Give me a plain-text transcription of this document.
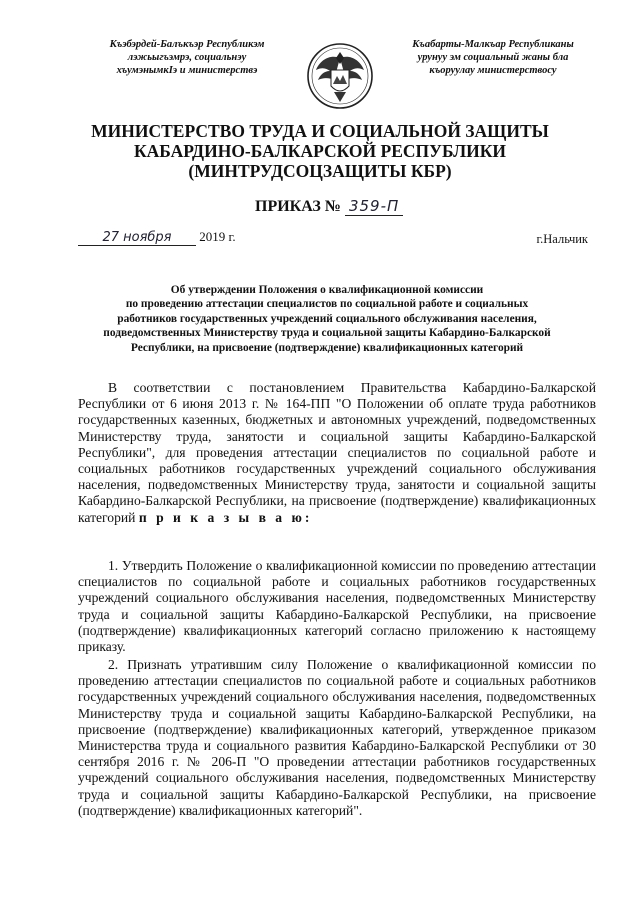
Къэбэрдей-Балъкъэр Республикэм
лэжьыгъэмрэ, социальнэу
хъумэнымкIэ и министерствэ
Къабарты-Малкъар Республиканы
урунуу эм социальный жаны бла
къоруулау министерствосу
МИНИСТЕРСТВО ТРУДА И СОЦИАЛЬНОЙ ЗАЩИТЫ
КАБАРДИНО-БАЛКАРСКОЙ РЕСПУБЛИКИ
(МИНТРУДСОЦЗАЩИТЫ КБР)
ПРИКАЗ № 359-П
27 ноября 2019 г.	г.Нальчик
Об утверждении Положения о квалификационной комиссии
по проведению аттестации специалистов по социальной работе и социальных
работников государственных учреждений социального обслуживания населения,
подведомственных Министерству труда и социальной защиты Кабардино-Балкарской
Республики, на присвоение (подтверждение) квалификационных категорий
В соответствии с постановлением Правительства Кабардино-Балкарской Республики от 6 июня 2013 г. № 164-ПП "О Положении об оплате труда работников государственных казенных, бюджетных и автономных учреждений, подведомственных Министерству труда, занятости и социальной защиты Кабардино-Балкарской Республики", для проведения аттестации специалистов по социальной работе и социальных работников государственных учреждений социального обслуживания населения, подведомственных Министерству труда, занятости и социальной защиты Кабардино-Балкарской Республики, на присвоение (подтверждение) квалификационных категорий п р и к а з ы в а ю:
1. Утвердить Положение о квалификационной комиссии по проведению аттестации специалистов по социальной работе и социальных работников государственных учреждений социального обслуживания населения, подведомственных Министерству труда и социальной защиты Кабардино-Балкарской Республики, на присвоение (подтверждение) квалификационных категорий согласно приложению к настоящему приказу.
2. Признать утратившим силу Положение о квалификационной комиссии по проведению аттестации специалистов по социальной работе и социальных работников государственных учреждений социального обслуживания населения, подведомственных Министерству труда и социальной защиты Кабардино-Балкарской Республики, на присвоение (подтверждение) квалификационных категорий, утвержденное приказом Министерства труда и социального развития Кабардино-Балкарской Республики от 30 сентября 2016 г. № 206-П "О проведении аттестации работников государственных учреждений социального обслуживания населения, подведомственных Министерству труда и социальной защиты Кабардино-Балкарской Республики, на присвоение (подтверждение) квалификационных категорий".
